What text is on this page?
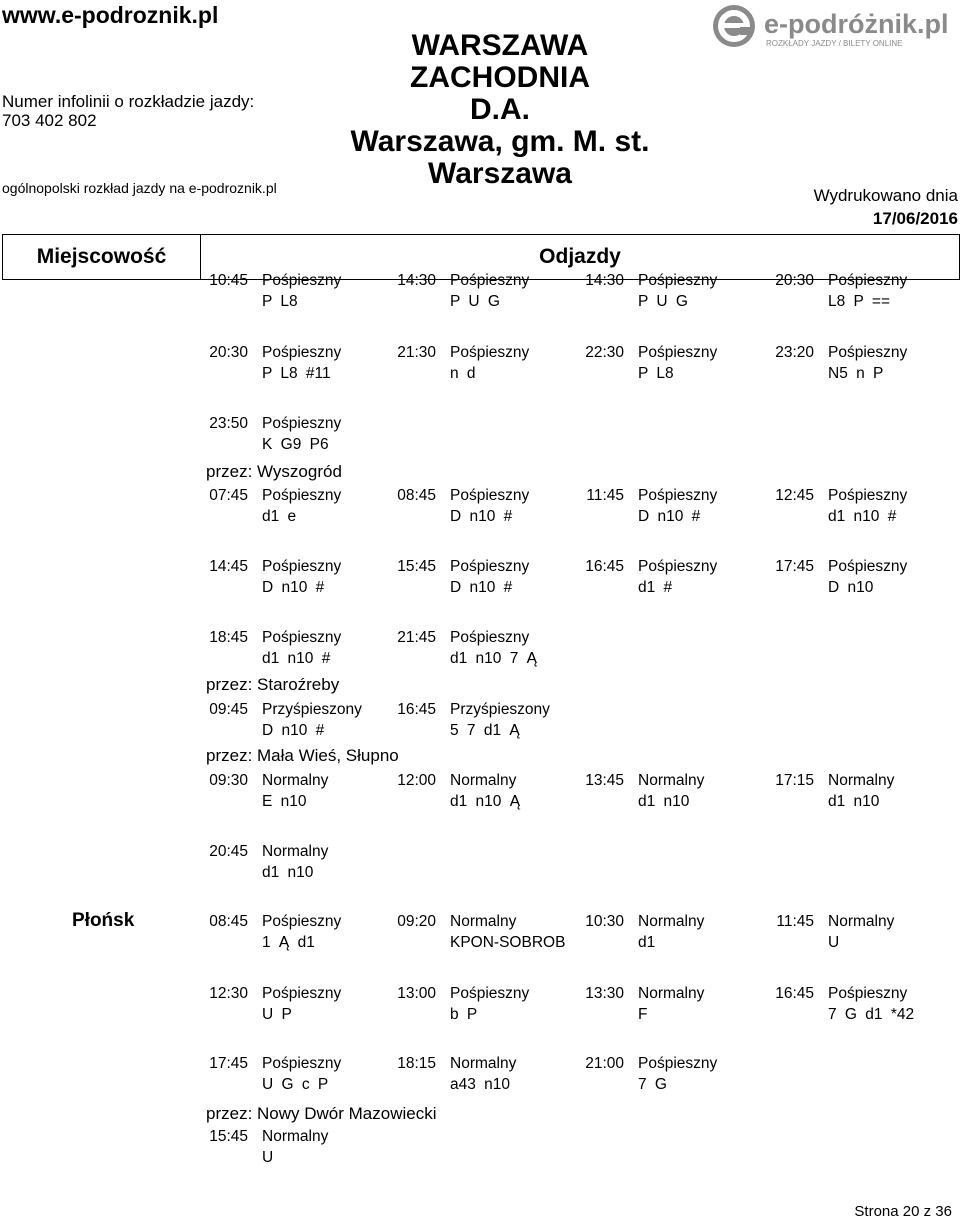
www.e-podroznik.pl
Numer infolinii o rozkładzie jazdy:
703 402 802
ogólnopolski rozkład jazdy na e-podroznik.pl
WARSZAWA ZACHODNIA
D.A.
Warszawa, gm. M. st.
Warszawa
e-podróżnik.pl
ROZKŁADY JAZDY / BILETY ONLINE
Wydrukowano dnia
17/06/2016
Miejscowość	Odjazdy
Płońsk
przez: Wyszogród
przez: Staroźreby
przez: Mała Wieś, Słupno
przez: Nowy Dwór Mazowiecki
10:45 Pośpieszny
P L8
14:30 Pośpieszny
P U G
14:30 Pośpieszny
P U G
20:30 Pośpieszny
L8 P ==
20:30 Pośpieszny
P L8 #11
21:30 Pośpieszny
n d
22:30 Pośpieszny
P L8
23:20 Pośpieszny
N5 n P
23:50 Pośpieszny
K G9 P6
07:45 Pośpieszny
d1 e
08:45 Pośpieszny
D n10 #
11:45 Pośpieszny
D n10 #
12:45 Pośpieszny
d1 n10 #
14:45 Pośpieszny
D n10 #
15:45 Pośpieszny
D n10 #
16:45 Pośpieszny
d1 #
17:45 Pośpieszny
D n10
18:45 Pośpieszny
d1 n10 #
21:45 Pośpieszny
d1 n10 7 Ą
09:45 Przyśpieszony
D n10 #
16:45 Przyśpieszony
5 7 d1 Ą
09:30 Normalny
E n10
12:00 Normalny
d1 n10 Ą
13:45 Normalny
d1 n10
17:15 Normalny
d1 n10
20:45 Normalny
d1 n10
08:45 Pośpieszny
1 Ą d1
09:20 Normalny
KPON-SOBROB
10:30 Normalny
d1
11:45 Normalny
U
12:30 Pośpieszny
U P
13:00 Pośpieszny
b P
13:30 Normalny
F
16:45 Pośpieszny
7 G d1 *42
17:45 Pośpieszny
U G c P
18:15 Normalny
a43 n10
21:00 Pośpieszny
7 G
15:45 Normalny
U
Strona 20 z 36
